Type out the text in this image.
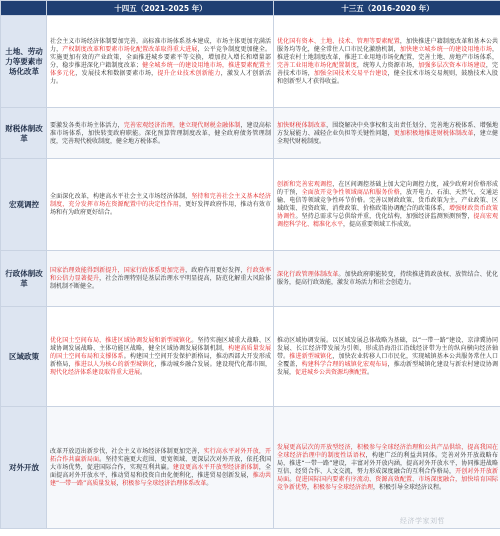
	十四五（2021-2025 年）	十三五（2016-2020 年）
土地、劳动力等要素市场化改革	社会主义市场经济体制要加完善，高标准市场体系基本建成，市场主体更加充满活力，产权制度改革和要素市场化配置改革取得重大进展，公平竞争制度更加健全。实施更加有效的产业政策，全面推进城乡要素平等交换，增加投入增长和增量部分，稳步推进深化户籍制度改革；健全城乡统一的建设用地市场，推进要素配置主体多元化，发展技术和数据要素市场，提升企业技术创新能力，激发人才创新活力。	优化国有资本、土地、技术、管理等要素配置，加快推进户籍制度改革和基本公共服务均等化，健全常住人口市民化激励机制，加快建立城乡统一的建设用地市场，推进农村土地制度改革，推进工业用地市场化配置，完善土地、房地产市场体系，完善工业用地市场化配置制度，统筹人力资源市场，加强多层次资本市场建设，完善技术市场，加强全国技术交易平台建设，健全技术市场交易规则，鼓励技术入股和创新型人才获得收益。
财税体制改革	要激发各类市场主体活力，完善宏观经济治理，建立现代财税金融体制，建设高标准市场体系，加快转变政府职能。深化预算管理制度改革，健全政府债务管理制度，完善现代税收制度，健全地方税体系。	加快财税体制改革，围绕解决中央事权和支出责任划分、完善地方税体系、增强地方发展能力、减轻企业负担等关键性问题，更加积极地推进财税体制改革，建立健全现代财税制度。
宏观调控	全面深化改革，构建高水平社会主义市场经济体制，坚持和完善社会主义基本经济制度，充分发挥市场在资源配置中的决定性作用，更好发挥政府作用，推动有效市场和有为政府更好结合。	创新和完善宏观调控，在区间调控基础上加大定向调控力度，减少政府对价格形成的干预，全面放开竞争性领域商品和服务价格，放开电力、石油、天然气、交通运输、电信等领域竞争性环节价格。完善以财政政策、货币政策为主，产业政策、区域政策、投资政策、消费政策、价格政策协调配合的政策体系，增强财政货币政策协调性。坚持总需求与总供给并重，优化结构，加强经济监测预测预警，提高宏观调控科学化、精准化水平，提高重要领域工作成效。
行政体制改革	国家治理效能得到新提升，国家行政体系更加完善，政府作用更好发挥，行政效率和公信力显著提升，社会治理特别是基层治理水平明显提高，防范化解重大风险体制机制不断健全。	深化行政管理体制改革。加快政府职能转变，持续推进简政放权、放管结合、优化服务，提高行政效能，激发市场活力和社会创造力。
区域政策	优化国土空间布局，推进区域协调发展和新型城镇化。坚持实施区域重大战略、区域协调发展战略、主体功能区战略，健全区域协调发展体制机制，构建高质量发展的国土空间布局和支撑体系。构建国土空间开发保护新格局，推动西部大开发形成新格局，推进以人为核心的新型城镇化，推动城乡融合发展。建设现代化都市圈，现代化经济体系建设取得重大进展。	推动区域协调发展。以区域发展总体战略为基础，以“一带一路”建设、京津冀协同发展、长江经济带发展为引领，形成沿海沿江沿线经济带为主的纵向横向经济轴带。推进新型城镇化，加快农业转移人口市民化，实现城镇基本公共服务常住人口全覆盖，构建科学合理的城镇化宏观布局，推动新型城镇化建设与新农村建设协调发展，促进城乡公共资源均衡配置。
对外开放	改革开放迈出新步伐，社会主义市场经济体制更加完善，实行高水平对外开放，开拓合作共赢新局面。坚持实施更大范围、更宽领域、更深层次对外开放，依托我国大市场优势，促进国际合作，实现互利共赢。建设更高水平开放型经济新体制，全面提高对外开放水平，推动贸易和投资自由化便利化，推进贸易创新发展，推动共建“一带一路”高质量发展，积极参与全球经济治理体系改革。	发展更高层次的开放型经济，积极参与全球经济治理和公共产品供给，提高我国在全球经济治理中的制度性话语权，构建广泛的利益共同体。完善对外开放战略布局，推进“一带一路”建设，丰富对外开放内涵，提高对外开放水平，协同推进战略互信、经贸合作、人文交流，努力形成深度融合的互利合作格局，开创对外开放新局面。促进国际国内要素有序流动、资源高效配置、市场深度融合，加快培育国际竞争新优势，积极参与全球经济治理，积极引导全球经济议程。
经济学家刘哲
